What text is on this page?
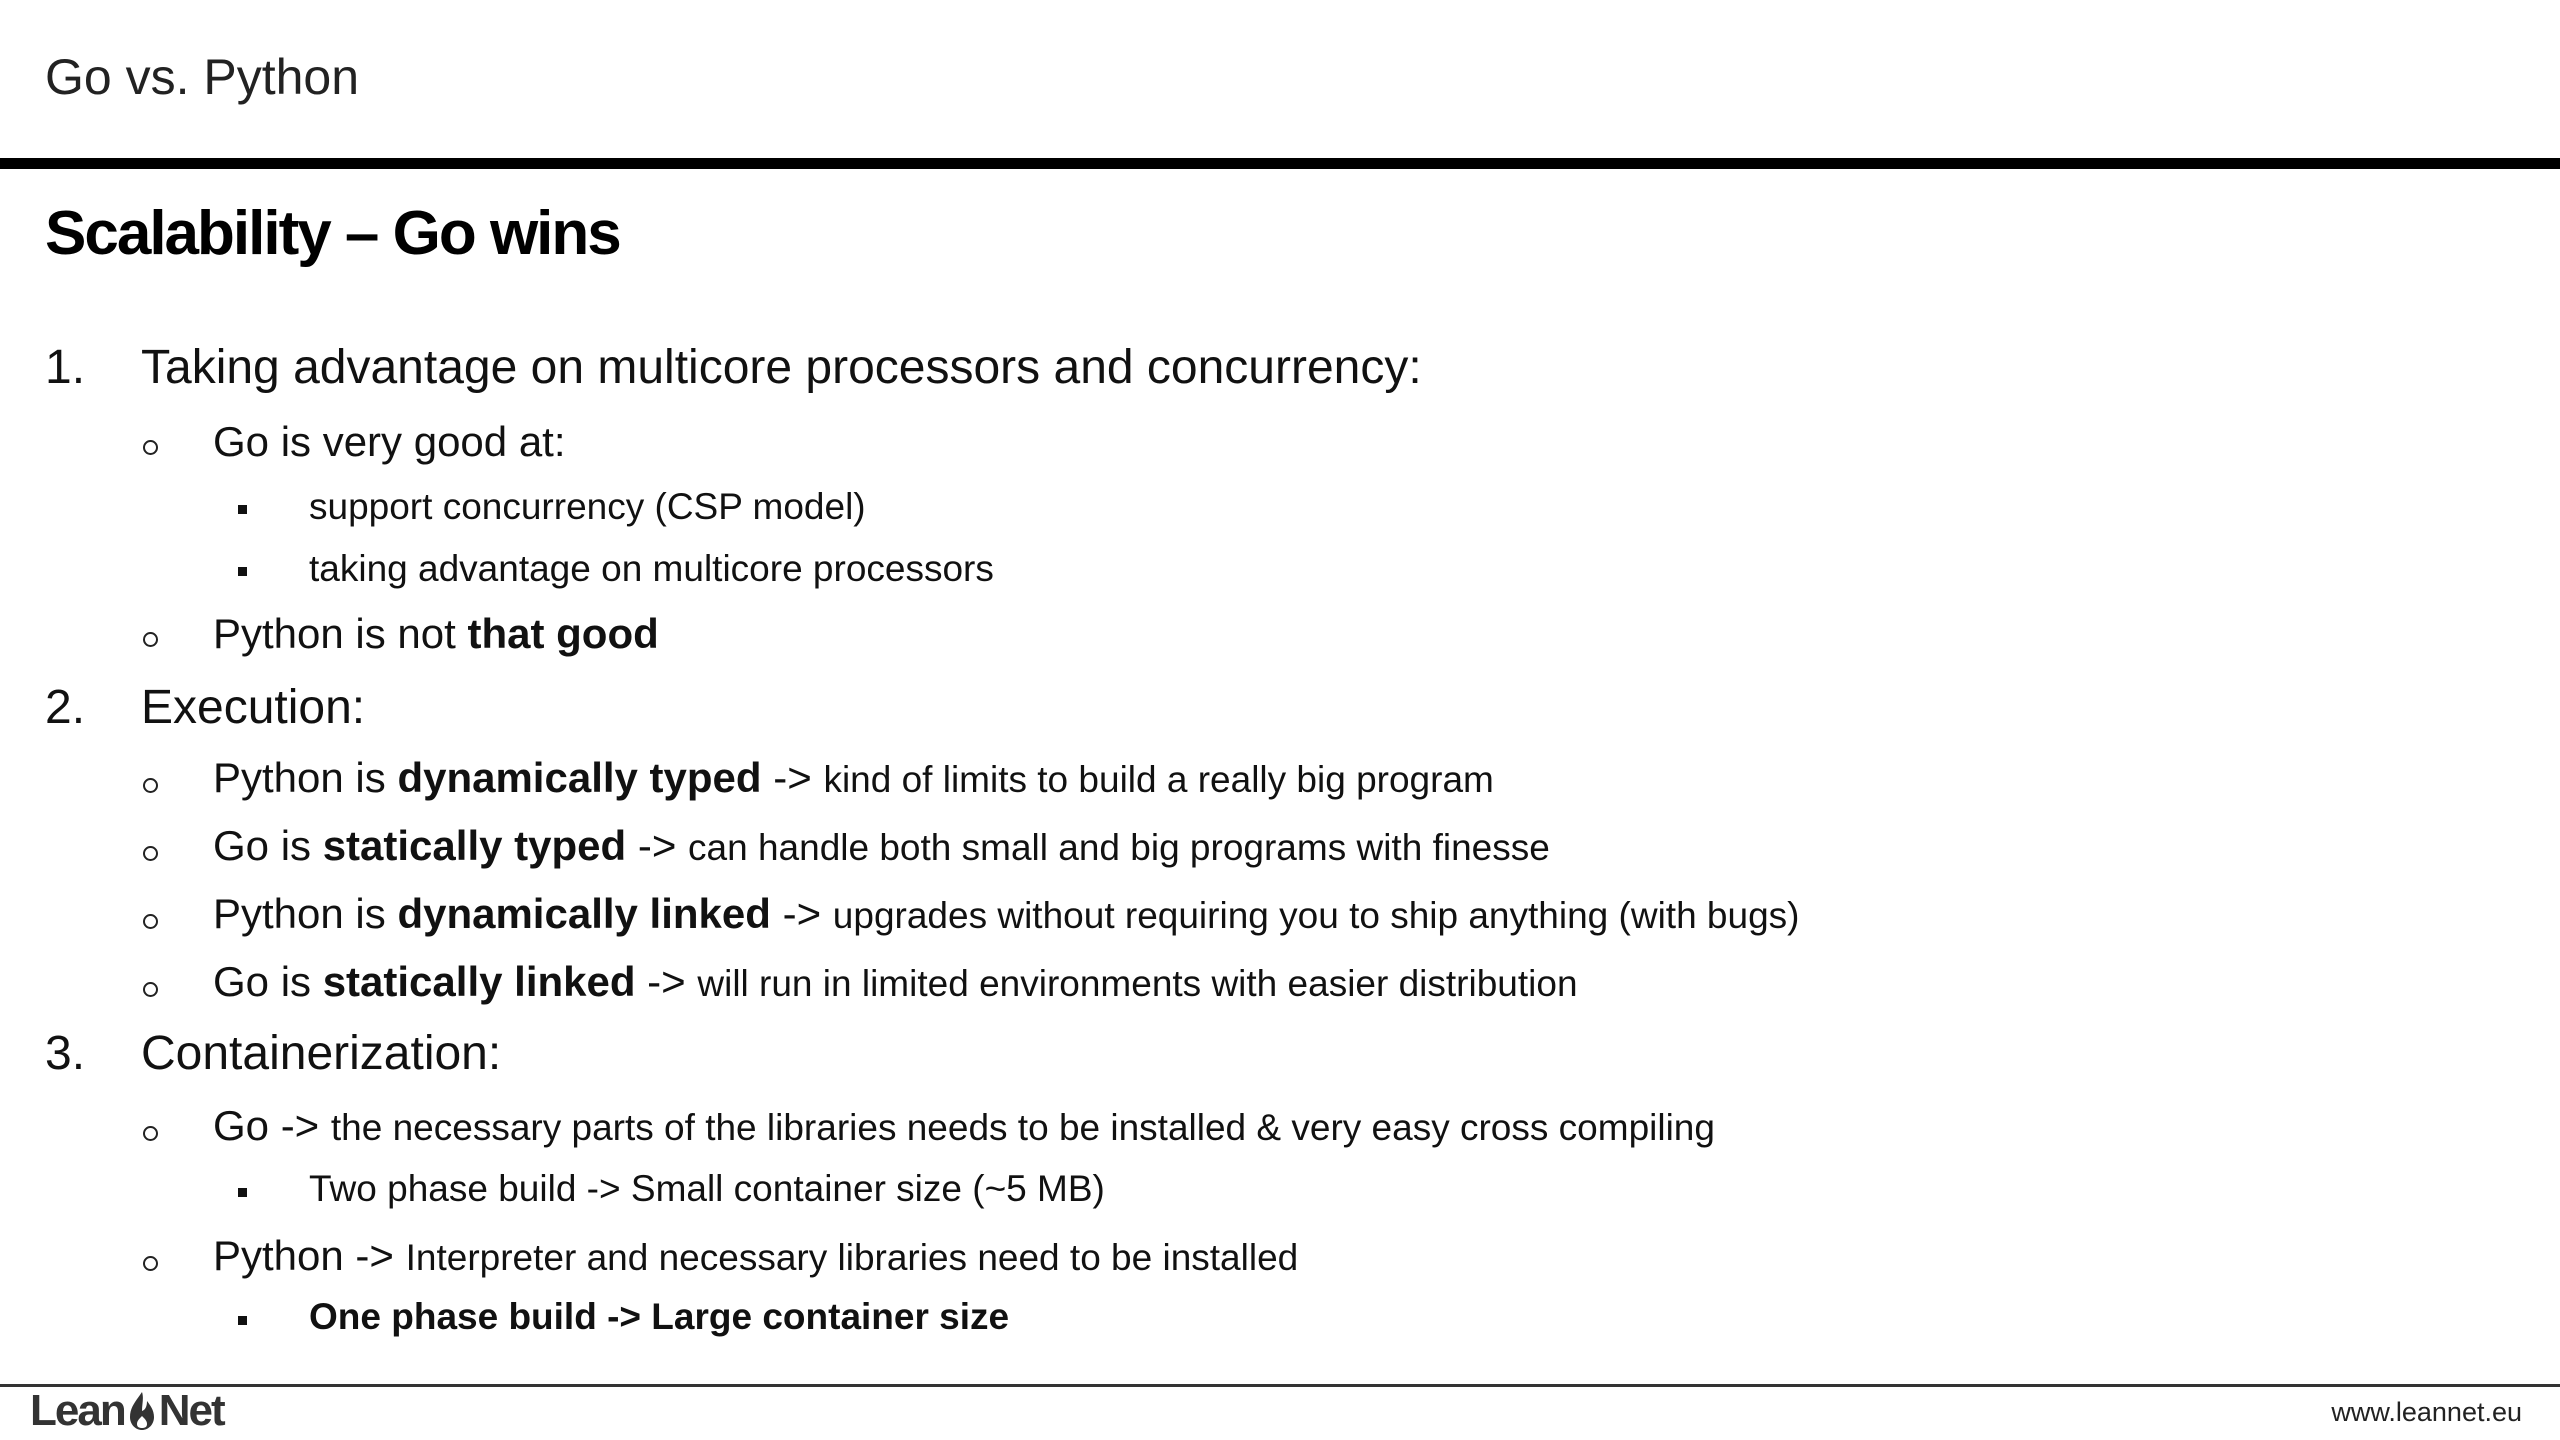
Go vs. Python
Scalability – Go wins
1. Taking advantage on multicore processors and concurrency:
Go is very good at:
support concurrency (CSP model)
taking advantage on multicore processors
Python is not that good
2. Execution:
Python is dynamically typed -> kind of limits to build a really big program
Go is statically typed -> can handle both small and big programs with finesse
Python is dynamically linked -> upgrades without requiring you to ship anything (with bugs)
Go is statically linked -> will run in limited environments with easier distribution
3. Containerization:
Go -> the necessary parts of the libraries needs to be installed & very easy cross compiling
Two phase build -> Small container size (~5 MB)
Python -> Interpreter and necessary libraries need to be installed
One phase build -> Large container size
Lean Net	www.leannet.eu
